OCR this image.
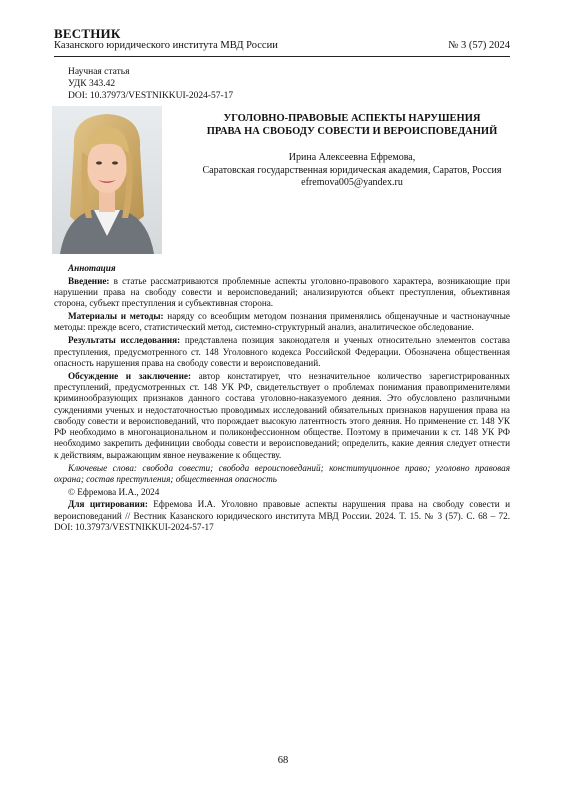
ВЕСТНИК
Казанского юридического института МВД России	№ 3 (57) 2024
Научная статья
УДК 343.42
DOI: 10.37973/VESTNIKKUI-2024-57-17
УГОЛОВНО-ПРАВОВЫЕ АСПЕКТЫ НАРУШЕНИЯ
ПРАВА НА СВОБОДУ СОВЕСТИ И ВЕРОИСПОВЕДАНИЙ
Ирина Алексеевна Ефремова,
Саратовская государственная юридическая академия, Саратов, Россия
efremova005@yandex.ru

Аннотация

Введение: в статье рассматриваются проблемные аспекты уголовно-правового характера, возникающие при нарушении права на свободу совести и вероисповеданий; анализируются объект преступления, объективная сторона, субъект преступления и субъективная сторона.

Материалы и методы: наряду со всеобщим методом познания применялись общенаучные и частнонаучные методы: прежде всего, статистический метод, системно-структурный анализ, аналитическое обследование.

Результаты исследования: представлена позиция законодателя и ученых относительно элементов состава преступления, предусмотренного ст. 148 Уголовного кодекса Российской Федерации. Обозначена общественная опасность нарушения права на свободу совести и вероисповеданий.

Обсуждение и заключение: автор констатирует, что незначительное количество зарегистрированных преступлений, предусмотренных ст. 148 УК РФ, свидетельствует о проблемах понимания правоприменителями криминообразующих признаков данного состава уголовно-наказуемого деяния. Это обусловлено различными суждениями ученых и недостаточностью проводимых исследований обязательных признаков нарушения права на свободу совести и вероисповеданий, что порождает высокую латентность этого деяния. Но применение ст. 148 УК РФ необходимо в многонациональном и поликонфессионном обществе. Поэтому в примечании к ст. 148 УК РФ необходимо закрепить дефиниции свободы совести и вероисповеданий; определить, какие деяния следует отнести к действиям, выражающим явное неуважение к обществу.

Ключевые слова: свобода совести; свобода вероисповеданий; конституционное право; уголовно правовая охрана; состав преступления; общественная опасность

© Ефремова И.А., 2024

Для цитирования: Ефремова И.А. Уголовно правовые аспекты нарушения права на свободу совести и вероисповеданий // Вестник Казанского юридического института МВД России. 2024. Т. 15. № 3 (57). С. 68 – 72. DOI: 10.37973/VESTNIKKUI-2024-57-17

68
